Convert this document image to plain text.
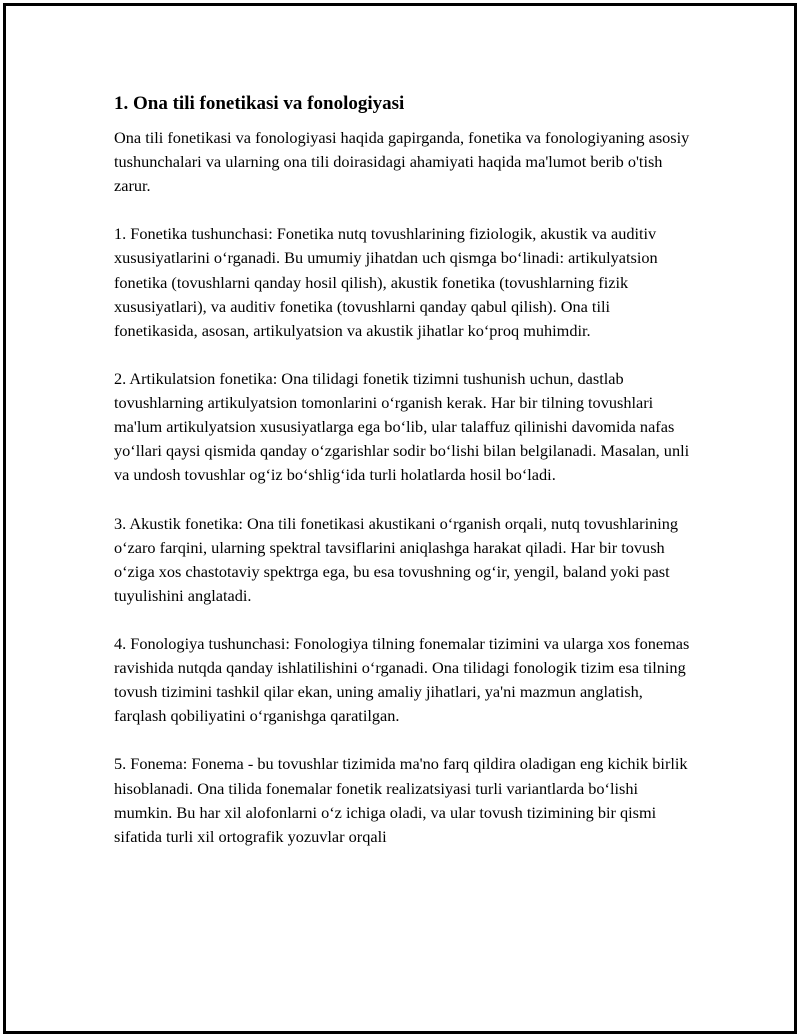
1. Ona tili fonetikasi va fonologiyasi

Ona tili fonetikasi va fonologiyasi haqida gapirganda, fonetika va fonologiyaning asosiy tushunchalari va ularning ona tili doirasidagi ahamiyati haqida ma'lumot berib o'tish zarur.

1. Fonetika tushunchasi: Fonetika nutq tovushlarining fiziologik, akustik va auditiv xususiyatlarini o‘rganadi. Bu umumiy jihatdan uch qismga bo‘linadi: artikulyatsion fonetika (tovushlarni qanday hosil qilish), akustik fonetika (tovushlarning fizik xususiyatlari), va auditiv fonetika (tovushlarni qanday qabul qilish). Ona tili fonetikasida, asosan, artikulyatsion va akustik jihatlar ko‘proq muhimdir.

2. Artikulatsion fonetika: Ona tilidagi fonetik tizimni tushunish uchun, dastlab tovushlarning artikulyatsion tomonlarini o‘rganish kerak. Har bir tilning tovushlari ma'lum artikulyatsion xususiyatlarga ega bo‘lib, ular talaffuz qilinishi davomida nafas yo‘llari qaysi qismida qanday o‘zgarishlar sodir bo‘lishi bilan belgilanadi. Masalan, unli va undosh tovushlar og‘iz bo‘shlig‘ida turli holatlarda hosil bo‘ladi.

3. Akustik fonetika: Ona tili fonetikasi akustikani o‘rganish orqali, nutq tovushlarining o‘zaro farqini, ularning spektral tavsiflarini aniqlashga harakat qiladi. Har bir tovush o‘ziga xos chastotaviy spektrga ega, bu esa tovushning og‘ir, yengil, baland yoki past tuyulishini anglatadi.

4. Fonologiya tushunchasi: Fonologiya tilning fonemalar tizimini va ularga xos fonemas ravishida nutqda qanday ishlatilishini o‘rganadi. Ona tilidagi fonologik tizim esa tilning tovush tizimini tashkil qilar ekan, uning amaliy jihatlari, ya'ni mazmun anglatish, farqlash qobiliyatini o‘rganishga qaratilgan.

5. Fonema: Fonema - bu tovushlar tizimida ma'no farq qildira oladigan eng kichik birlik hisoblanadi. Ona tilida fonemalar fonetik realizatsiyasi turli variantlarda bo‘lishi mumkin. Bu har xil alofonlarni o‘z ichiga oladi, va ular tovush tizimining bir qismi sifatida turli xil ortografik yozuvlar orqali
